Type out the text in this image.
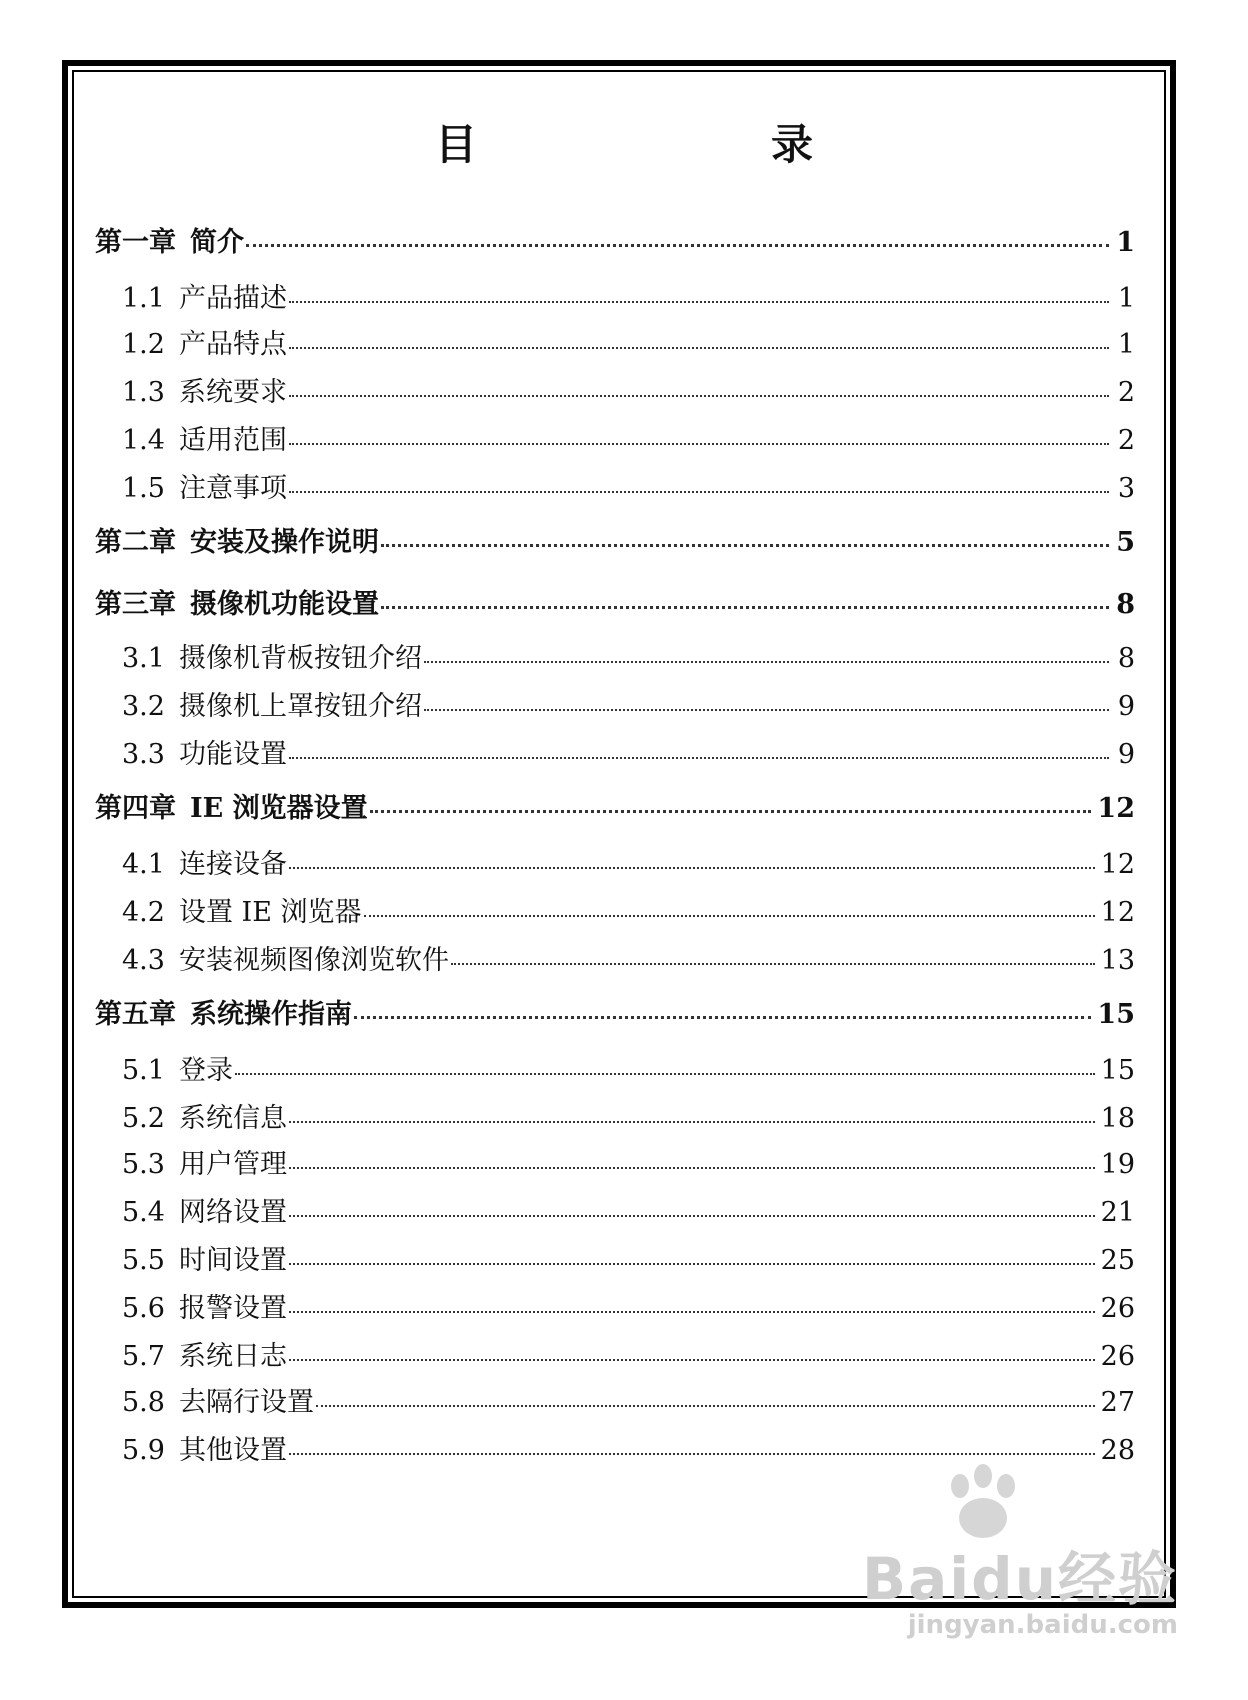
目　　录
第一章 简介	1
1.1 产品描述	1
1.2 产品特点	1
1.3 系统要求	2
1.4 适用范围	2
1.5 注意事项	3
第二章 安装及操作说明	5
第三章 摄像机功能设置	8
3.1 摄像机背板按钮介绍	8
3.2 摄像机上罩按钮介绍	9
3.3 功能设置	9
第四章 IE 浏览器设置	12
4.1 连接设备	12
4.2 设置 IE 浏览器	12
4.3 安装视频图像浏览软件	13
第五章 系统操作指南	15
5.1 登录	15
5.2 系统信息	18
5.3 用户管理	19
5.4 网络设置	21
5.5 时间设置	25
5.6 报警设置	26
5.7 系统日志	26
5.8 去隔行设置	27
5.9 其他设置	28
Baidu经验
jingyan.baidu.com
